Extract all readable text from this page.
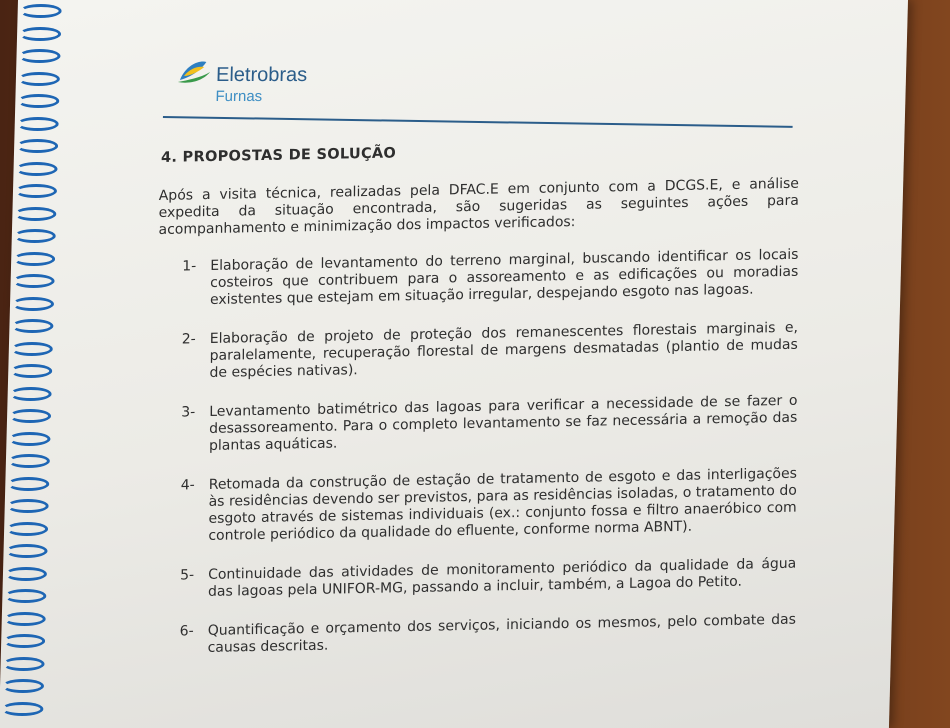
Eletrobras
Furnas
4. PROPOSTAS DE SOLUÇÃO

Após a visita técnica, realizadas pela DFAC.E em conjunto com a DCGS.E, e análise expedita da situação encontrada, são sugeridas as seguintes ações para acompanhamento e minimização dos impactos verificados:

1- Elaboração de levantamento do terreno marginal, buscando identificar os locais costeiros que contribuem para o assoreamento e as edificações ou moradias existentes que estejam em situação irregular, despejando esgoto nas lagoas.
2- Elaboração de projeto de proteção dos remanescentes florestais marginais e, paralelamente, recuperação florestal de margens desmatadas (plantio de mudas de espécies nativas).
3- Levantamento batimétrico das lagoas para verificar a necessidade de se fazer o desassoreamento. Para o completo levantamento se faz necessária a remoção das plantas aquáticas.
4- Retomada da construção de estação de tratamento de esgoto e das interligações às residências devendo ser previstos, para as residências isoladas, o tratamento do esgoto através de sistemas individuais (ex.: conjunto fossa e filtro anaeróbico com controle periódico da qualidade do efluente, conforme norma ABNT).
5- Continuidade das atividades de monitoramento periódico da qualidade da água das lagoas pela UNIFOR-MG, passando a incluir, também, a Lagoa do Petito.
6- Quantificação e orçamento dos serviços, iniciando os mesmos, pelo combate das causas descritas.
